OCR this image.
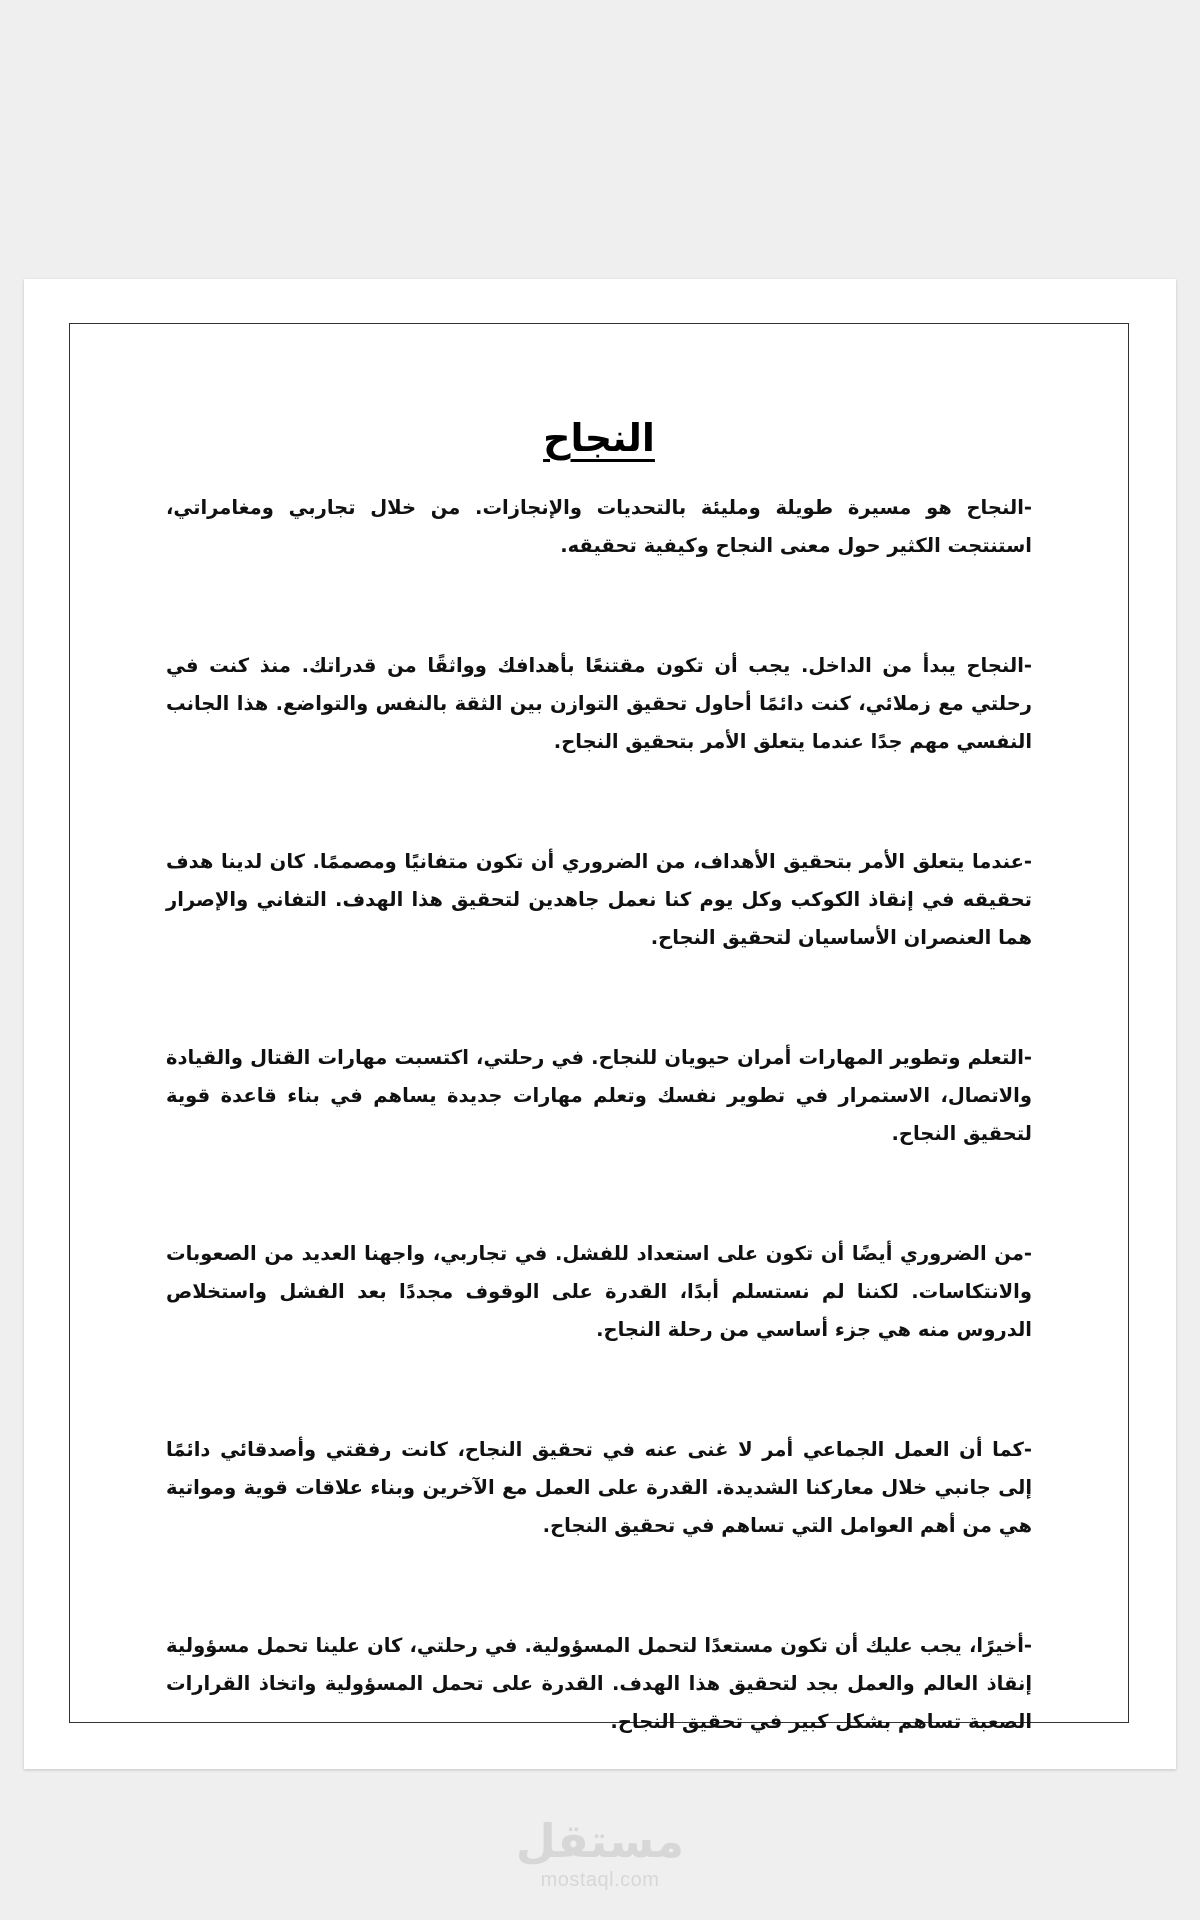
النجاح

-النجاح هو مسيرة طويلة ومليئة بالتحديات والإنجازات. من خلال تجاربي ومغامراتي، استنتجت الكثير حول معنى النجاح وكيفية تحقيقه.

-النجاح يبدأ من الداخل. يجب أن تكون مقتنعًا بأهدافك وواثقًا من قدراتك. منذ كنت في رحلتي مع زملائي، كنت دائمًا أحاول تحقيق التوازن بين الثقة بالنفس والتواضع. هذا الجانب النفسي مهم جدًا عندما يتعلق الأمر بتحقيق النجاح.

-عندما يتعلق الأمر بتحقيق الأهداف، من الضروري أن تكون متفانيًا ومصممًا. كان لدينا هدف تحقيقه في إنقاذ الكوكب وكل يوم كنا نعمل جاهدين لتحقيق هذا الهدف. التفاني والإصرار هما العنصران الأساسيان لتحقيق النجاح.

-التعلم وتطوير المهارات أمران حيويان للنجاح. في رحلتي، اكتسبت مهارات القتال والقيادة والاتصال، الاستمرار في تطوير نفسك وتعلم مهارات جديدة يساهم في بناء قاعدة قوية لتحقيق النجاح.

-من الضروري أيضًا أن تكون على استعداد للفشل. في تجاربي، واجهنا العديد من الصعوبات والانتكاسات. لكننا لم نستسلم أبدًا، القدرة على الوقوف مجددًا بعد الفشل واستخلاص الدروس منه هي جزء أساسي من رحلة النجاح.

-كما أن العمل الجماعي أمر لا غنى عنه في تحقيق النجاح، كانت رفقتي وأصدقائي دائمًا إلى جانبي خلال معاركنا الشديدة. القدرة على العمل مع الآخرين وبناء علاقات قوية ومواتية هي من أهم العوامل التي تساهم في تحقيق النجاح.

-أخيرًا، يجب عليك أن تكون مستعدًا لتحمل المسؤولية. في رحلتي، كان علينا تحمل مسؤولية إنقاذ العالم والعمل بجد لتحقيق هذا الهدف. القدرة على تحمل المسؤولية واتخاذ القرارات الصعبة تساهم بشكل كبير في تحقيق النجاح.

مستقل
mostaql.com
